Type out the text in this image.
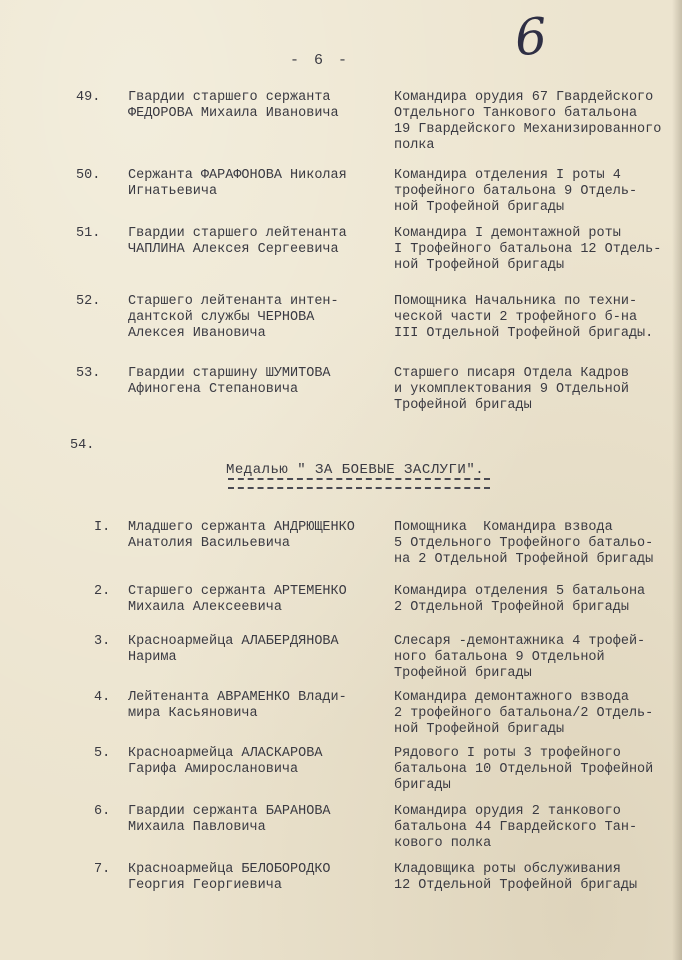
- 6 -	6
49. Гвардии старшего сержанта
ФЕДОРОВА Михаила Ивановича
Командира орудия 67 Гвардейского
Отдельного Танкового батальона
19 Гвардейского Механизированного
полка
50. Сержанта ФАРАФОНОВА Николая
Игнатьевича
Командира отделения I роты 4
трофейного батальона 9 Отдель-
ной Трофейной бригады
51. Гвардии старшего лейтенанта
ЧАПЛИНА Алексея Сергеевича
Командира I демонтажной роты
I Трофейного батальона 12 Отдель-
ной Трофейной бригады
52. Старшего лейтенанта интен-
дантской службы ЧЕРНОВА
Алексея Ивановича
Помощника Начальника по техни-
ческой части 2 трофейного б-на
III Отдельной Трофейной бригады.
53. Гвардии старшину ШУМИТОВА
Афиногена Степановича
Старшего писаря Отдела Кадров
и укомплектования 9 Отдельной
Трофейной бригады
54.
Медалью " ЗА БОЕВЫЕ ЗАСЛУГИ".
I. Младшего сержанта АНДРЮЩЕНКО
Анатолия Васильевича
Помощника  Командира взвода
5 Отдельного Трофейного батальо-
на 2 Отдельной Трофейной бригады
2. Старшего сержанта АРТЕМЕНКО
Михаила Алексеевича
Командира отделения 5 батальона
2 Отдельной Трофейной бригады
3. Красноармейца АЛАБЕРДЯНОВА
Нарима
Слесаря -демонтажника 4 трофей-
ного батальона 9 Отдельной
Трофейной бригады
4. Лейтенанта АВРАМЕНКО Влади-
мира Касьяновича
Командира демонтажного взвода
2 трофейного батальона/2 Отдель-
ной Трофейной бригады
5. Красноармейца АЛАСКАРОВА
Гарифа Амирослановича
Рядового I роты 3 трофейного
батальона 10 Отдельной Трофейной
бригады
6. Гвардии сержанта БАРАНОВА
Михаила Павловича
Командира орудия 2 танкового
батальона 44 Гвардейского Тан-
кового полка
7. Красноармейца БЕЛОБОРОДКО
Георгия Георгиевича
Кладовщика роты обслуживания
12 Отдельной Трофейной бригады
